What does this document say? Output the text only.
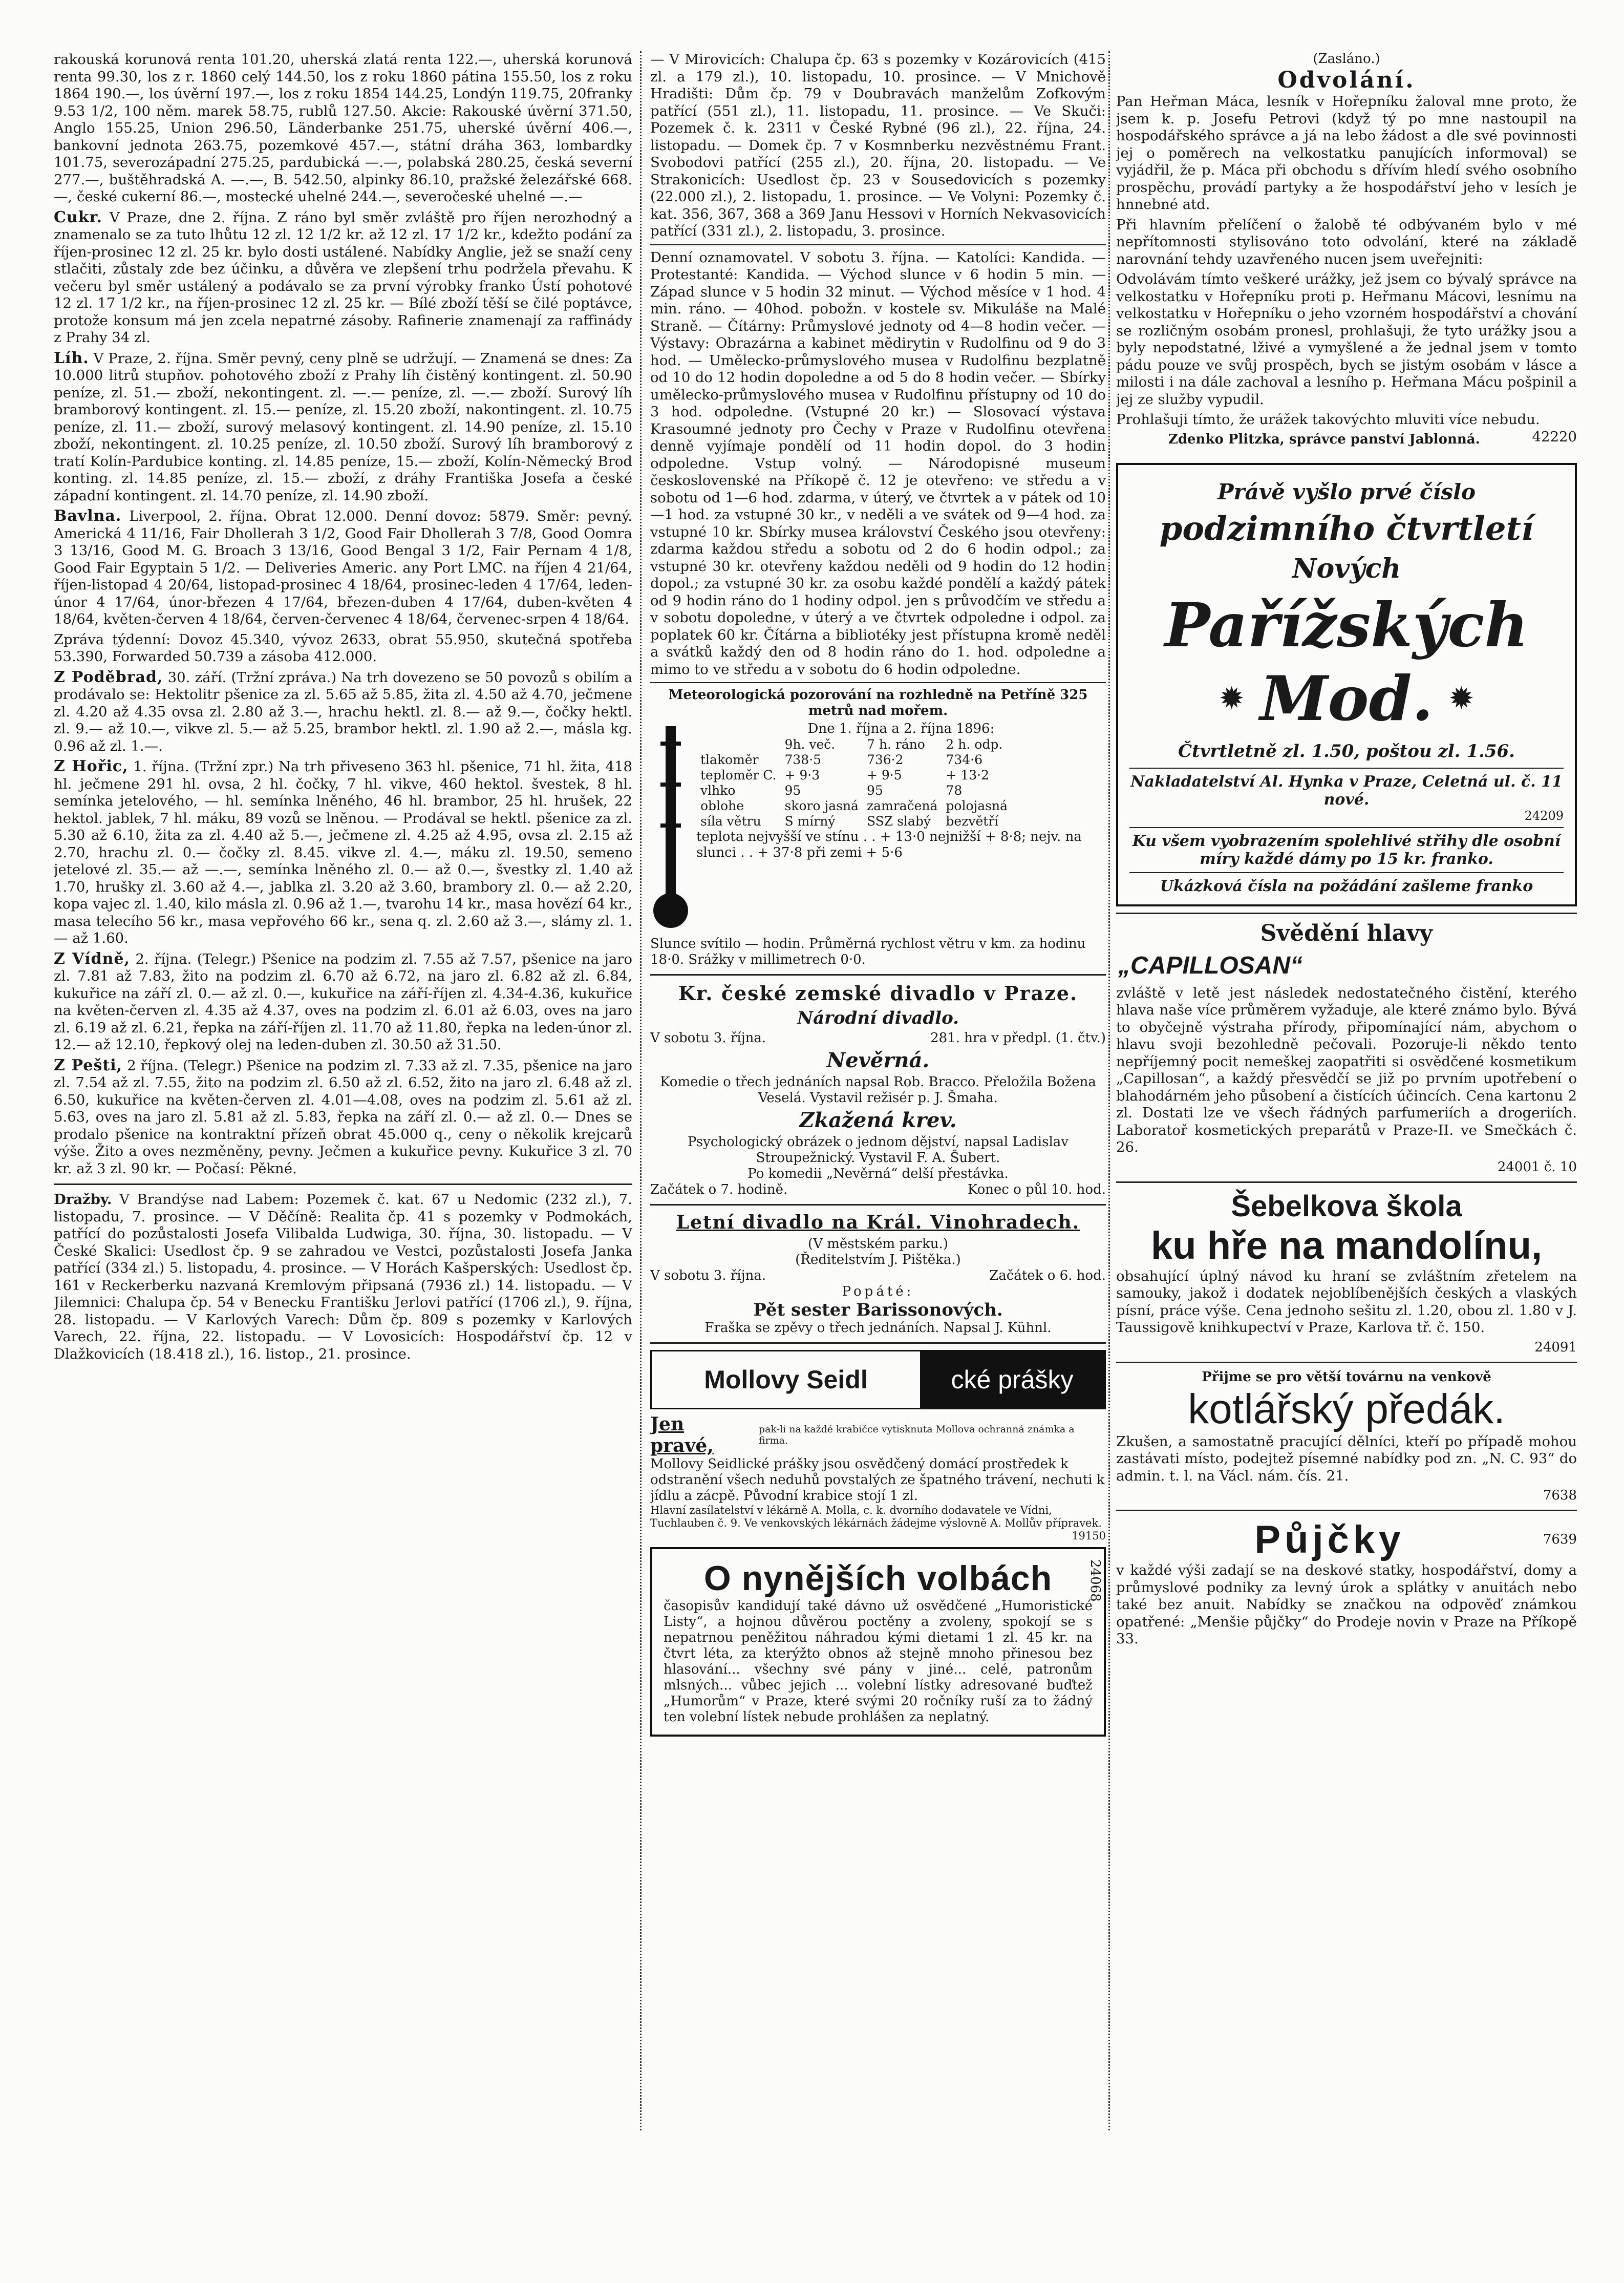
rakouská korunová renta 101.20, uherská zlatá renta 122.—, uherská korunová renta 99.30, los z r. 1860 celý 144.50, los z roku 1860 pátina 155.50, los z roku 1864 190.—, los úvěrní 197.—, los z roku 1854 144.25, Londýn 119.75, 20franky 9.53 1/2, 100 něm. marek 58.75, rublů 127.50. Akcie: Rakouské úvěrní 371.50, Anglo 155.25, Union 296.50, Länderbanke 251.75, uherské úvěrní 406.—, bankovní jednota 263.75, pozemkové 457.—, státní dráha 363, lombardky 101.75, severozápadní 275.25, pardubická —.—, polabská 280.25, česká severní 277.—, buštěhradská A. —.—, B. 542.50, alpinky 86.10, pražské železářské 668.—, české cukerní 86.—, mostecké uhelné 244.—, severočeské uhelné —.—

Cukr. V Praze, dne 2. října. Z ráno byl směr zvláště pro říjen nerozhodný a znamenalo se za tuto lhůtu 12 zl. 12 1/2 kr. až 12 zl. 17 1/2 kr., kdežto podání za říjen-prosinec 12 zl. 25 kr. bylo dosti ustálené. Nabídky Anglie, jež se snaží ceny stlačiti, zůstaly zde bez účinku, a důvěra ve zlepšení trhu podržela převahu. K večeru byl směr ustálený a podávalo se za první výrobky franko Ústí pohotové 12 zl. 17 1/2 kr., na říjen-prosinec 12 zl. 25 kr. — Bílé zboží těší se čilé poptávce, protože konsum má jen zcela nepatrné zásoby. Rafinerie znamenají za raffinády z Prahy 34 zl.

Líh. V Praze, 2. října. Směr pevný, ceny plně se udržují. — Znamená se dnes: Za 10.000 litrů stupňov. pohotového zboží z Prahy líh čistěný kontingent. zl. 50.90 peníze, zl. 51.— zboží, nekontingent. zl. —.— peníze, zl. —.— zboží. Surový líh bramborový kontingent. zl. 15.— peníze, zl. 15.20 zboží, nakontingent. zl. 10.75 peníze, zl. 11.— zboží, surový melasový kontingent. zl. 14.90 peníze, zl. 15.10 zboží, nekontingent. zl. 10.25 peníze, zl. 10.50 zboží. Surový líh bramborový z tratí Kolín-Pardubice konting. zl. 14.85 peníze, 15.— zboží, Kolín-Německý Brod konting. zl. 14.85 peníze, zl. 15.— zboží, z dráhy Františka Josefa a české západní kontingent. zl. 14.70 peníze, zl. 14.90 zboží.

Bavlna. Liverpool, 2. října. Obrat 12.000. Denní dovoz: 5879. Směr: pevný. Americká 4 11/16, Fair Dhollerah 3 1/2, Good Fair Dhollerah 3 7/8, Good Oomra 3 13/16, Good M. G. Broach 3 13/16, Good Bengal 3 1/2, Fair Pernam 4 1/8, Good Fair Egyptain 5 1/2. — Deliveries Americ. any Port LMC. na říjen 4 21/64, říjen-listopad 4 20/64, listopad-prosinec 4 18/64, prosinec-leden 4 17/64, leden-únor 4 17/64, únor-březen 4 17/64, březen-duben 4 17/64, duben-květen 4 18/64, květen-červen 4 18/64, červen-červenec 4 18/64, červenec-srpen 4 18/64.

Zpráva týdenní: Dovoz 45.340, vývoz 2633, obrat 55.950, skutečná spotřeba 53.390, Forwarded 50.739 a zásoba 412.000.

Z Poděbrad, 30. září. (Tržní zpráva.) Na trh dovezeno se 50 povozů s obilím a prodávalo se: Hektolitr pšenice za zl. 5.65 až 5.85, žita zl. 4.50 až 4.70, ječmene zl. 4.20 až 4.35 ovsa zl. 2.80 až 3.—, hrachu hektl. zl. 8.— až 9.—, čočky hektl. zl. 9.— až 10.—, vikve zl. 5.— až 5.25, brambor hektl. zl. 1.90 až 2.—, másla kg. 0.96 až zl. 1.—.

Z Hořic, 1. října. (Tržní zpr.) Na trh přiveseno 363 hl. pšenice, 71 hl. žita, 418 hl. ječmene 291 hl. ovsa, 2 hl. čočky, 7 hl. vikve, 460 hektol. švestek, 8 hl. semínka jetelového, — hl. semínka lněného, 46 hl. brambor, 25 hl. hrušek, 22 hektol. jablek, 7 hl. máku, 89 vozů se lněnou. — Prodával se hektl. pšenice za zl. 5.30 až 6.10, žita za zl. 4.40 až 5.—, ječmene zl. 4.25 až 4.95, ovsa zl. 2.15 až 2.70, hrachu zl. 0.— čočky zl. 8.45. vikve zl. 4.—, máku zl. 19.50, semeno jetelové zl. 35.— až —.—, semínka lněného zl. 0.— až 0.—, švestky zl. 1.40 až 1.70, hrušky zl. 3.60 až 4.—, jablka zl. 3.20 až 3.60, brambory zl. 0.— až 2.20, kopa vajec zl. 1.40, kilo másla zl. 0.96 až 1.—, tvarohu 14 kr., masa hovězí 64 kr., masa telecího 56 kr., masa vepřového 66 kr., sena q. zl. 2.60 až 3.—, slámy zl. 1.— až 1.60.

Z Vídně, 2. října. (Telegr.) Pšenice na podzim zl. 7.55 až 7.57, pšenice na jaro zl. 7.81 až 7.83, žito na podzim zl. 6.70 až 6.72, na jaro zl. 6.82 až zl. 6.84, kukuřice na září zl. 0.— až zl. 0.—, kukuřice na září-říjen zl. 4.34-4.36, kukuřice na květen-červen zl. 4.35 až 4.37, oves na podzim zl. 6.01 až 6.03, oves na jaro zl. 6.19 až zl. 6.21, řepka na září-říjen zl. 11.70 až 11.80, řepka na leden-únor zl. 12.— až 12.10, řepkový olej na leden-duben zl. 30.50 až 31.50.

Z Pešti, 2 října. (Telegr.) Pšenice na podzim zl. 7.33 až zl. 7.35, pšenice na jaro zl. 7.54 až zl. 7.55, žito na podzim zl. 6.50 až zl. 6.52, žito na jaro zl. 6.48 až zl. 6.50, kukuřice na květen-červen zl. 4.01—4.08, oves na podzim zl. 5.61 až zl. 5.63, oves na jaro zl. 5.81 až zl. 5.83, řepka na září zl. 0.— až zl. 0.— Dnes se prodalo pšenice na kontraktní přízeň obrat 45.000 q., ceny o několik krejcarů výše. Žito a oves nezměněny, pevny. Ječmen a kukuřice pevny. Kukuřice 3 zl. 70 kr. až 3 zl. 90 kr. — Počasí: Pěkné.

Dražby. V Brandýse nad Labem: Pozemek č. kat. 67 u Nedomic (232 zl.), 7. listopadu, 7. prosince. — V Děčíně: Realita čp. 41 s pozemky v Podmokách, patřící do pozůstalosti Josefa Vilibalda Ludwiga, 30. října, 30. listopadu. — V České Skalici: Usedlost čp. 9 se zahradou ve Vestci, pozůstalosti Josefa Janka patřící (334 zl.) 5. listopadu, 4. prosince. — V Horách Kašperských: Usedlost čp. 161 v Reckerberku nazvaná Kremlovým připsaná (7936 zl.) 14. listopadu. — V Jilemnici: Chalupa čp. 54 v Benecku Františku Jerlovi patřící (1706 zl.), 9. října, 28. listopadu. — V Karlových Varech: Dům čp. 809 s pozemky v Karlových Varech, 22. října, 22. listopadu. — V Lovosicích: Hospodářství čp. 12 v Dlažkovicích (18.418 zl.), 16. listop., 21. prosince.

— V Mirovicích: Chalupa čp. 63 s pozemky v Kozárovicích (415 zl. a 179 zl.), 10. listopadu, 10. prosince. — V Mnichově Hradišti: Dům čp. 79 v Doubravách manželům Zofkovým patřící (551 zl.), 11. listopadu, 11. prosince. — Ve Skuči: Pozemek č. k. 2311 v České Rybné (96 zl.), 22. října, 24. listopadu. — Domek čp. 7 v Kosmnberku nezvěstnému Frant. Svobodovi patřící (255 zl.), 20. října, 20. listopadu. — Ve Strakonicích: Usedlost čp. 23 v Sousedovicích s pozemky (22.000 zl.), 2. listopadu, 1. prosince. — Ve Volyni: Pozemky č. kat. 356, 367, 368 a 369 Janu Hessovi v Horních Nekvasovicích patřící (331 zl.), 2. listopadu, 3. prosince.

Denní oznamovatel. V sobotu 3. října. — Katolíci: Kandida. — Protestanté: Kandida. — Východ slunce v 6 hodin 5 min. — Západ slunce v 5 hodin 32 minut. — Východ měsíce v 1 hod. 4 min. ráno. — 40hod. pobožn. v kostele sv. Mikuláše na Malé Straně. — Čítárny: Průmyslové jednoty od 4—8 hodin večer. — Výstavy: Obrazárna a kabinet mědirytin v Rudolfinu od 9 do 3 hod. — Umělecko-průmyslového musea v Rudolfinu bezplatně od 10 do 12 hodin dopoledne a od 5 do 8 hodin večer. — Sbírky umělecko-průmyslového musea v Rudolfinu přístupny od 10 do 3 hod. odpoledne. (Vstupné 20 kr.) — Slosovací výstava Krasoumné jednoty pro Čechy v Praze v Rudolfinu otevřena denně vyjímaje pondělí od 11 hodin dopol. do 3 hodin odpoledne. Vstup volný. — Národopisné museum československé na Příkopě č. 12 je otevřeno: ve středu a v sobotu od 1—6 hod. zdarma, v úterý, ve čtvrtek a v pátek od 10—1 hod. za vstupné 30 kr., v neděli a ve svátek od 9—4 hod. za vstupné 10 kr. Sbírky musea království Českého jsou otevřeny: zdarma každou středu a sobotu od 2 do 6 hodin odpol.; za vstupné 30 kr. otevřeny každou neděli od 9 hodin do 12 hodin dopol.; za vstupné 30 kr. za osobu každé pondělí a každý pátek od 9 hodin ráno do 1 hodiny odpol. jen s průvodčím ve středu a v sobotu dopoledne, v úterý a ve čtvrtek odpoledne i odpol. za poplatek 60 kr. Čítárna a bibliotéky jest přístupna kromě neděl a svátků každý den od 8 hodin ráno do 1. hod. odpoledne a mimo to ve středu a v sobotu do 6 hodin odpoledne.

Meteorologická pozorování na rozhledně na Petříně 325 metrů nad mořem.
Dne 1. října a 2. října 1896:
	9h. več.	7 h. ráno	2 h. odp.
tlakoměr	738·5	736·2	734·6
teploměr C.	+ 9·3	+ 9·5	+ 13·2
vlhko	95	95	78
oblohe	skoro jasná	zamračená	polojasná
síla větru	S mírný	SSZ slabý	bezvětří
teplota nejvyšší ve stínu . . + 13·0 nejnižší + 8·8; nejv. na slunci . . + 37·8 při zemi + 5·6
Slunce svítilo — hodin. Průměrná rychlost větru v km. za hodinu 18·0. Srážky v millimetrech 0·0.
Kr. české zemské divadlo v Praze.
Národní divadlo.
V sobotu 3. října.	281. hra v předpl. (1. čtv.)
Nevěrná.
Komedie o třech jednáních napsal Rob. Bracco. Přeložila Božena Veselá. Vystavil režisér p. J. Šmaha.
Zkažená krev.
Psychologický obrázek o jednom dějství, napsal Ladislav Stroupežnický. Vystavil F. A. Šubert.
Po komedii „Nevěrná“ delší přestávka.
Začátek o 7. hodině.	Konec o půl 10. hod.
Letní divadlo na Král. Vinohradech.
(V městském parku.)
(Ředitelstvím J. Pištěka.)
V sobotu 3. října.	Začátek o 6. hod.
Popáté:
Pět sester Barissonových.
Fraška se zpěvy o třech jednáních. Napsal J. Kühnl.
Mollovy Seidl	cké prášky
Jen pravé,
pak-li na každé krabičce vytisknuta Mollova ochranná známka a firma.
Mollovy Seidlické prášky jsou osvědčený domácí prostředek k odstranění všech neduhů povstalých ze špatného trávení, nechuti k jídlu a zácpě. Původní krabice stojí 1 zl.
Hlavní zasílatelství v lékárně A. Molla, c. k. dvorního dodavatele ve Vídni, Tuchlauben č. 9. Ve venkovských lékárnách žádejme výslovně A. Mollův přípravek.
19150
O nynějších volbách	24068
časopisův kandidují také dávno už osvědčené „Humoristické Listy“, a hojnou důvěrou poctěny a zvoleny, spokojí se s nepatrnou peněžitou náhradou kými dietami 1 zl. 45 kr. na čtvrt léta, za kterýžto obnos až stejně mnoho přinesou bez hlasování... všechny své pány v jiné... celé, patronům mlsných... vůbec jejich ... volební lístky adresované buďtež „Humorům“ v Praze, které svými 20 ročníky ruší za to žádný ten volební lístek nebude prohlášen za neplatný.
(Zasláno.)
Odvolání.

Pan Heřman Máca, lesník v Hořepníku žaloval mne proto, že jsem k. p. Josefu Petrovi (když tý po mne nastoupil na hospodářského správce a já na lebo žádost a dle své povinnosti jej o poměrech na velkostatku panujících informoval) se vyjádřil, že p. Máca při obchodu s dřívím hledí svého osobního prospěchu, provádí partyky a že hospodářství jeho v lesích je hnnebné atd.

Při hlavním přelíčení o žalobě té odbývaném bylo v mé nepřítomnosti stylisováno toto odvolání, které na základě narovnání tehdy uzavřeného nucen jsem uveřejniti:

Odvolávám tímto veškeré urážky, jež jsem co bývalý správce na velkostatku v Hořepníku proti p. Heřmanu Mácovi, lesnímu na velkostatku v Hořepníku o jeho vzorném hospodářství a chování se rozličným osobám pronesl, prohlašuji, že tyto urážky jsou a byly nepodstatné, lživé a vymyšlené a že jednal jsem v tomto pádu pouze ve svůj prospěch, bych se jistým osobám v lásce a milosti i na dále zachoval a lesního p. Heřmana Mácu pošpinil a jej ze služby vypudil.

Prohlašuji tímto, že urážek takovýchto mluviti více nebudu.
42220

Zdenko Plitzka, správce panství Jablonná.
Právě vyšlo prvé číslo
podzimního čtvrtletí
Nových
Pařížských
✹ Mod. ✹
Čtvrtletně zl. 1.50, poštou zl. 1.56.
Nakladatelství Al. Hynka v Praze, Celetná ul. č. 11 nové.
24209
Ku všem vyobrazením spolehlivé střihy dle osobní míry každé dámy po 15 kr. franko.
Ukázková čísla na požádání zašleme franko
Svědění hlavy
„CAPILLOSAN“

zvláště v letě jest následek nedostatečného čistění, kterého hlava naše více průměrem vyžaduje, ale které známo bylo. Bývá to obyčejně výstraha přírody, připomínající nám, abychom o hlavu svoji bezohledně pečovali. Pozoruje-li někdo tento nepříjemný pocit nemeškej zaopatřiti si osvědčené kosmetikum „Capillosan“, a každý přesvědčí se již po prvním upotřebení o blahodárném jeho působení a čistících účincích. Cena kartonu 2 zl. Dostati lze ve všech řádných parfumeriích a drogeriích. Laboratoř kosmetických preparátů v Praze-II. ve Smečkách č. 26.

24001 č. 10
Šebelkova škola
ku hře na mandolínu,

obsahující úplný návod ku hraní se zvláštním zřetelem na samouky, jakož i dodatek nejoblíbenějších českých a vlaských písní, práce výše. Cena jednoho sešitu zl. 1.20, obou zl. 1.80 v J. Taussigově knihkupectví v Praze, Karlova tř. č. 150.

24091
Přijme se pro větší továrnu na venkově
kotlářský předák.

Zkušen, a samostatně pracující dělníci, kteří po případě mohou zastávati místo, podejtež písemné nabídky pod zn. „N. C. 93“ do admin. t. l. na Václ. nám. čís. 21.

7638
Půjčky	7639

v každé výši zadají se na deskové statky, hospodářství, domy a průmyslové podniky za levný úrok a splátky v anuitách nebo také bez anuit. Nabídky se značkou na odpověď známkou opatřené: „Menšie půjčky“ do Prodeje novin v Praze na Příkopě 33.
